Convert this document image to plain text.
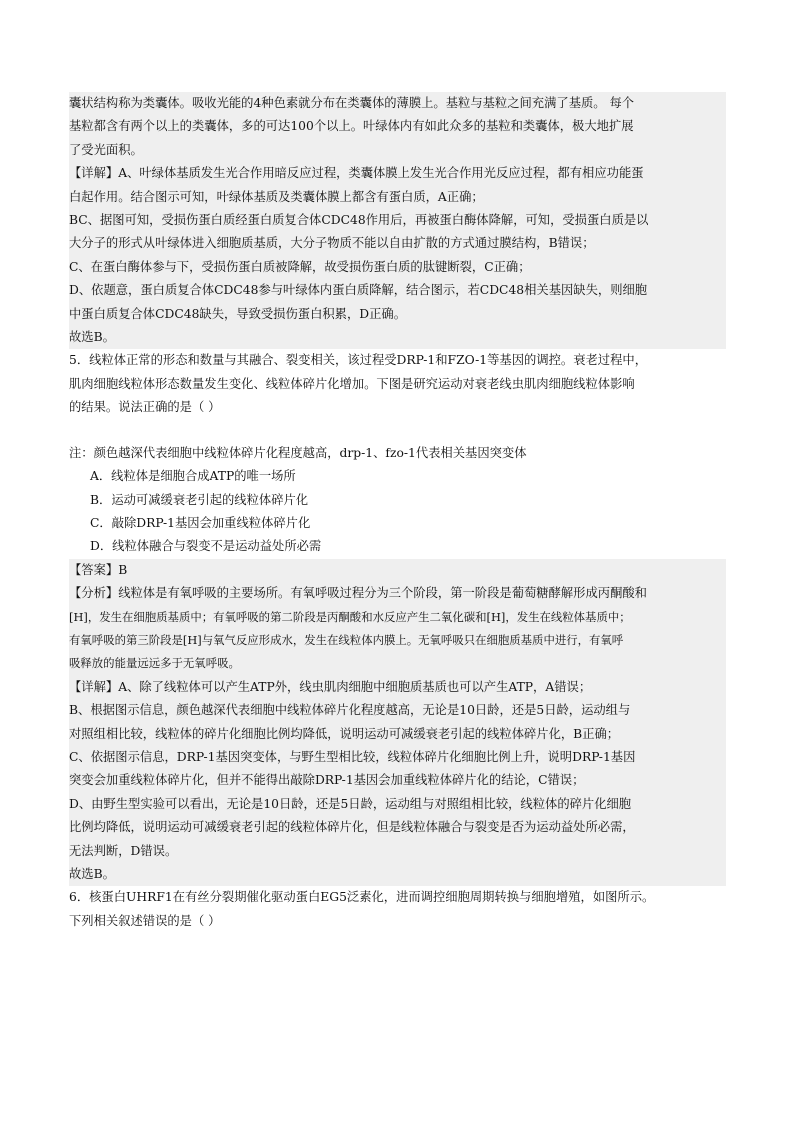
囊状结构称为类囊体。吸收光能的4种色素就分布在类囊体的薄膜上。基粒与基粒之间充满了基质。 每个
基粒都含有两个以上的类囊体，多的可达100个以上。叶绿体内有如此众多的基粒和类囊体，极大地扩展
了受光面积。
【详解】A、叶绿体基质发生光合作用暗反应过程，类囊体膜上发生光合作用光反应过程，都有相应功能蛋
白起作用。结合图示可知，叶绿体基质及类囊体膜上都含有蛋白质，A正确；
BC、据图可知，受损伤蛋白质经蛋白质复合体CDC48作用后，再被蛋白酶体降解，可知，受损蛋白质是以
大分子的形式从叶绿体进入细胞质基质，大分子物质不能以自由扩散的方式通过膜结构，B错误；
C、在蛋白酶体参与下，受损伤蛋白质被降解，故受损伤蛋白质的肽键断裂，C正确；
D、依题意，蛋白质复合体CDC48参与叶绿体内蛋白质降解，结合图示，若CDC48相关基因缺失，则细胞
中蛋白质复合体CDC48缺失，导致受损伤蛋白积累，D正确。
故选B。
5．线粒体正常的形态和数量与其融合、裂变相关，该过程受DRP-1和FZO-1等基因的调控。衰老过程中，
肌肉细胞线粒体形态数量发生变化、线粒体碎片化增加。下图是研究运动对衰老线虫肌肉细胞线粒体影响
的结果。说法正确的是（ ）
注：颜色越深代表细胞中线粒体碎片化程度越高，drp-1、fzo-1代表相关基因突变体
A．线粒体是细胞合成ATP的唯一场所
B．运动可减缓衰老引起的线粒体碎片化
C．敲除DRP-1基因会加重线粒体碎片化
D．线粒体融合与裂变不是运动益处所必需
【答案】B
【分析】线粒体是有氧呼吸的主要场所。有氧呼吸过程分为三个阶段，第一阶段是葡萄糖酵解形成丙酮酸和
[H]，发生在细胞质基质中；有氧呼吸的第二阶段是丙酮酸和水反应产生二氧化碳和[H]，发生在线粒体基质中；
有氧呼吸的第三阶段是[H]与氧气反应形成水，发生在线粒体内膜上。无氧呼吸只在细胞质基质中进行，有氧呼
吸释放的能量远远多于无氧呼吸。
【详解】A、除了线粒体可以产生ATP外，线虫肌肉细胞中细胞质基质也可以产生ATP，A错误；
B、根据图示信息，颜色越深代表细胞中线粒体碎片化程度越高，无论是10日龄，还是5日龄，运动组与
对照组相比较，线粒体的碎片化细胞比例均降低，说明运动可减缓衰老引起的线粒体碎片化，B正确；
C、依据图示信息，DRP-1基因突变体，与野生型相比较，线粒体碎片化细胞比例上升，说明DRP-1基因
突变会加重线粒体碎片化，但并不能得出敲除DRP-1基因会加重线粒体碎片化的结论，C错误；
D、由野生型实验可以看出，无论是10日龄，还是5日龄，运动组与对照组相比较，线粒体的碎片化细胞
比例均降低，说明运动可减缓衰老引起的线粒体碎片化，但是线粒体融合与裂变是否为运动益处所必需，
无法判断，D错误。
故选B。
6．核蛋白UHRF1在有丝分裂期催化驱动蛋白EG5泛素化，进而调控细胞周期转换与细胞增殖，如图所示。
下列相关叙述错误的是（ ）
